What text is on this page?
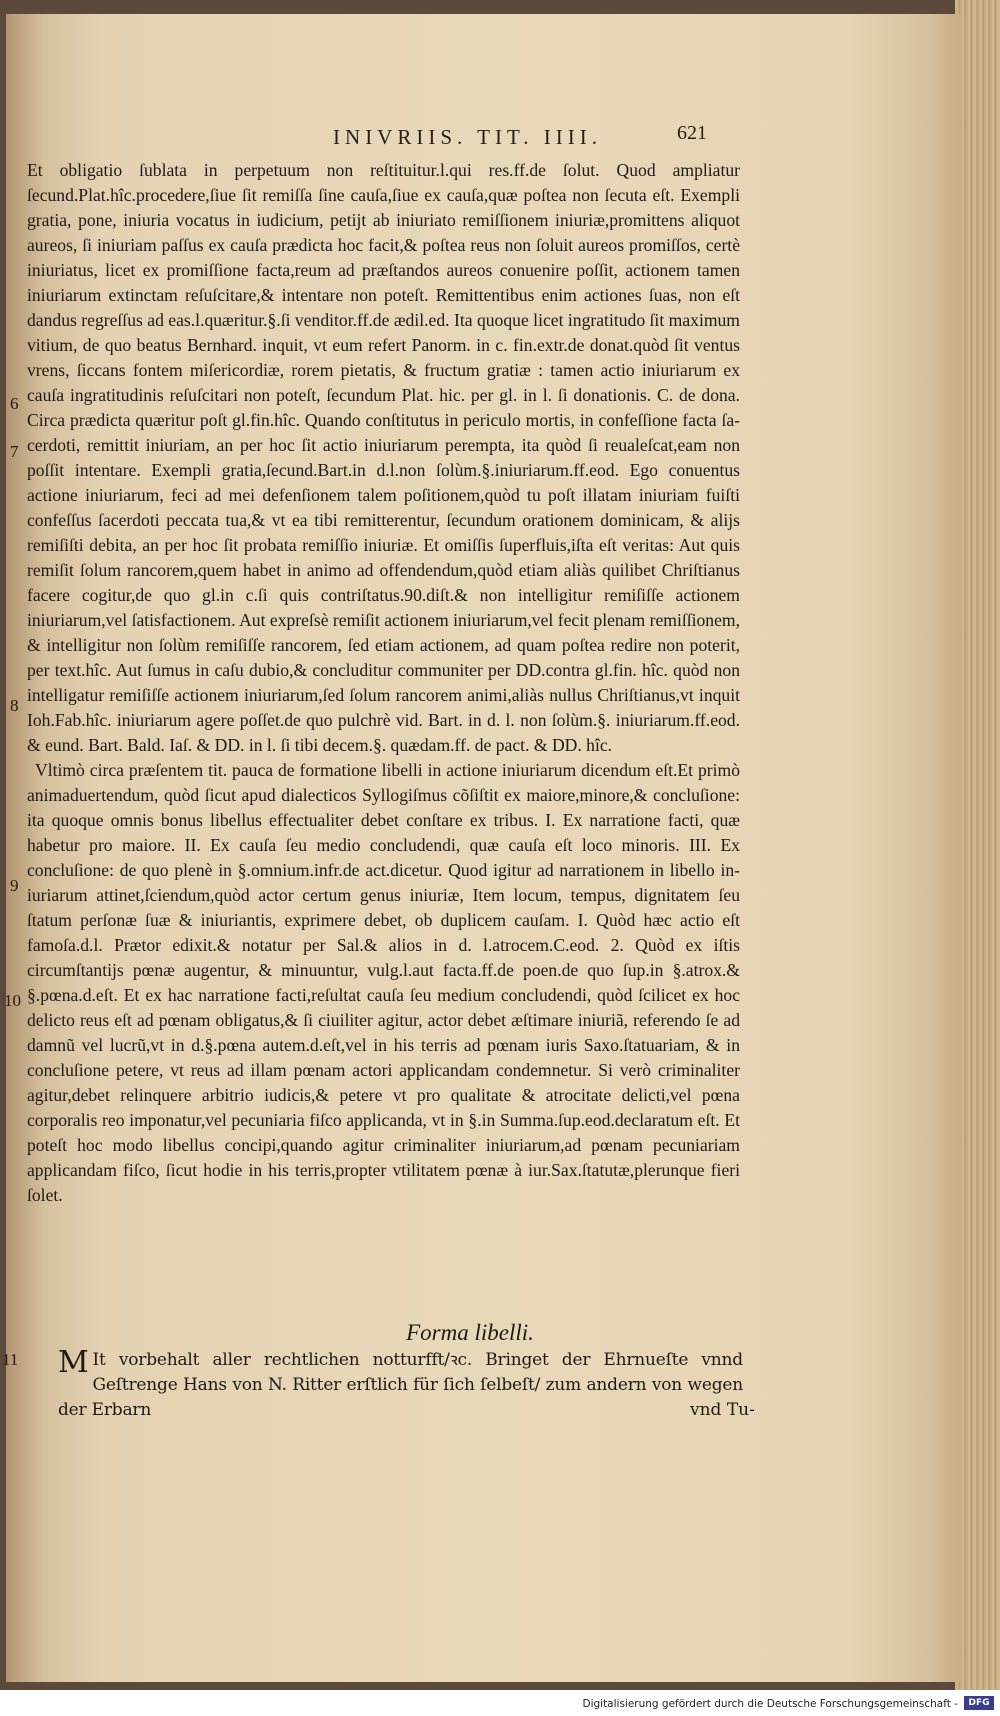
INIVRIIS. TIT. IIII.	621
6
7
8
9
10
11

Et obligatio ſublata in perpetuum non reſtituitur.l.qui res.ff.de ſolut. Quod ampliatur ſecund.Plat.hîc.procedere,ſiue ſit remiſſa ſine cauſa,ſiue ex cauſa,quæ poſtea non ſecuta eſt. Exempli gratia, pone, iniuria vocatus in iudicium, petijt ab iniuriato remiſſionem iniuriæ,promittens aliquot aureos, ſi iniuriam paſſus ex cauſa prædicta hoc facit,& poſtea reus non ſoluit aureos promiſſos, certè iniuriatus, licet ex promiſſione facta,reum ad præſtandos aureos conuenire poſſit, actionem tamen iniuriarum extinctam reſuſcitare,& intentare non poteſt. Remittentibus enim actiones ſuas, non eſt dandus regreſſus ad eas.l.quæritur.§.ſi venditor.ff.de ædil.ed. Ita quoque licet ingratitudo ſit maximum vitium, de quo beatus Bernhard. inquit, vt eum refert Panorm. in c. fin.extr.de donat.quòd ſit ventus vrens, ſiccans fontem miſericordiæ, rorem pietatis, & fructum gratiæ : tamen actio iniuriarum ex cauſa ingratitudinis reſuſcitari non poteſt, ſecundum Plat. hic. per gl. in l. ſi donationis. C. de dona. Circa prædicta quæritur poſt gl.fin.hîc. Quando conſtitutus in periculo mortis, in confeſſione facta ſacerdoti, remittit iniuriam, an per hoc ſit actio iniuriarum perempta, ita quòd ſi reualeſcat,eam non poſſit intentare. Exempli gratia,ſecund.Bart.in d.l.non ſolùm.§.iniuriarum.ff.eod. Ego conuentus actione iniuriarum, feci ad mei defenſionem talem poſitionem,quòd tu poſt illatam iniuriam fuiſti confeſſus ſacerdoti peccata tua,& vt ea tibi remitterentur, ſecundum orationem dominicam, & alijs remiſiſti debita, an per hoc ſit probata remiſſio iniuriæ. Et omiſſis ſuperfluis,iſta eſt veritas: Aut quis remiſit ſolum rancorem,quem habet in animo ad offendendum,quòd etiam aliàs quilibet Chriſtianus facere cogitur,de quo gl.in c.ſi quis contriſtatus.90.diſt.& non intelligitur remiſiſſe actionem iniuriarum,vel ſatisfactionem. Aut expreſsè remiſit actionem iniuriarum,vel fecit plenam remiſſionem, & intelligitur non ſolùm remiſiſſe rancorem, ſed etiam actionem, ad quam poſtea redire non poterit, per text.hîc. Aut ſumus in caſu dubio,& concluditur communiter per DD.contra gl.fin. hîc. quòd non intelligatur remiſiſſe actionem iniuriarum,ſed ſolum rancorem animi,aliàs nullus Chriſtianus,vt inquit Ioh.Fab.hîc. iniuriarum agere poſſet.de quo pulchrè vid. Bart. in d. l. non ſolùm.§. iniuriarum.ff.eod. & eund. Bart. Bald. Iaſ. & DD. in l. ſi tibi decem.§. quædam.ff. de pact. & DD. hîc.

Vltimò circa præſentem tit. pauca de formatione libelli in actione iniuriarum dicendum eſt.Et primò animaduertendum, quòd ſicut apud dialecticos Syllogiſmus cõſiſtit ex maiore,minore,& concluſione: ita quoque omnis bonus libellus effectualiter debet conſtare ex tribus. I. Ex narratione facti, quæ habetur pro maiore. II. Ex cauſa ſeu medio concludendi, quæ cauſa eſt loco minoris. III. Ex concluſione: de quo plenè in §.omnium.infr.de act.dicetur. Quod igitur ad narrationem in libello iniuriarum attinet,ſciendum,quòd actor certum genus iniuriæ, Item locum, tempus, dignitatem ſeu ſtatum perſonæ ſuæ & iniuriantis, exprimere debet, ob duplicem cauſam. I. Quòd hæc actio eſt famoſa.d.l. Prætor edixit.& notatur per Sal.& alios in d. l.atrocem.C.eod. 2. Quòd ex iſtis circumſtantijs pœnæ augentur, & minuuntur, vulg.l.aut facta.ff.de poen.de quo ſup.in §.atrox.& §.pœna.d.eſt. Et ex hac narratione facti,reſultat cauſa ſeu medium concludendi, quòd ſcilicet ex hoc delicto reus eſt ad pœnam obligatus,& ſi ciuiliter agitur, actor debet æſtimare iniuriã, referendo ſe ad damnũ vel lucrũ,vt in d.§.pœna autem.d.eſt,vel in his terris ad pœnam iuris Saxo.ſtatuariam, & in concluſione petere, vt reus ad illam pœnam actori applicandam condemnetur. Si verò criminaliter agitur,debet relinquere arbitrio iudicis,& petere vt pro qualitate & atrocitate delicti,vel pœna corporalis reo imponatur,vel pecuniaria fiſco applicanda, vt in §.in Summa.ſup.eod.declaratum eſt. Et poteſt hoc modo libellus concipi,quando agitur criminaliter iniuriarum,ad pœnam pecuniariam applicandam fiſco, ſicut hodie in his terris,propter vtilitatem pœnæ à iur.Sax.ſtatutæ,plerunque fieri ſolet.

Forma libelli.
M It vorbehalt aller rechtlichen notturfft/ꝛc. Bringet der Ehrnueſte vnnd Geſtrenge Hans von N. Ritter erſtlich für ſich ſelbeſt/ zum andern von wegen der Erbarn	vnd Tu-
Digitalisierung gefördert durch die Deutsche Forschungsgemeinschaft -	DFG
